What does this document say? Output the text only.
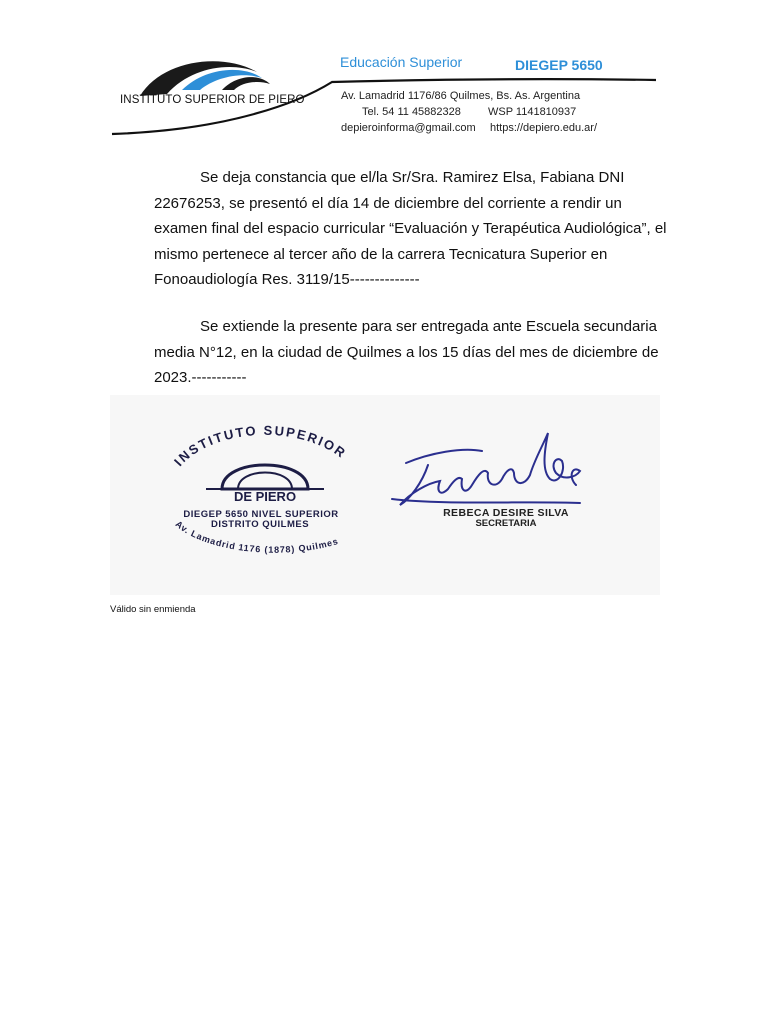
INSTITUTO SUPERIOR DE PIERO
Educación Superior	DIEGEP 5650
Av. Lamadrid 1176/86 Quilmes, Bs. As. Argentina
Tel. 54 11 45882328 WSP 1141810937
depieroinforma@gmail.com https://depiero.edu.ar/
Se deja constancia que el/la Sr/Sra. Ramirez Elsa, Fabiana DNI 22676253, se presentó el día 14 de diciembre del corriente a rendir un examen final del espacio curricular “Evaluación y Terapéutica Audiológica”, el mismo pertenece al tercer año de la carrera Tecnicatura Superior en Fonoaudiología Res. 3119/15--------------
Se extiende la presente para ser entregada ante Escuela secundaria media N°12, en la ciudad de Quilmes a los 15 días del mes de diciembre de 2023.-----------
INSTITUTO SUPERIOR
DE PIERO
DIEGEP 5650 NIVEL SUPERIOR
DISTRITO QUILMES
Av. Lamadrid 1176 (1878) Quilmes
REBECA DESIRE SILVA
SECRETARIA
Válido sin enmienda
